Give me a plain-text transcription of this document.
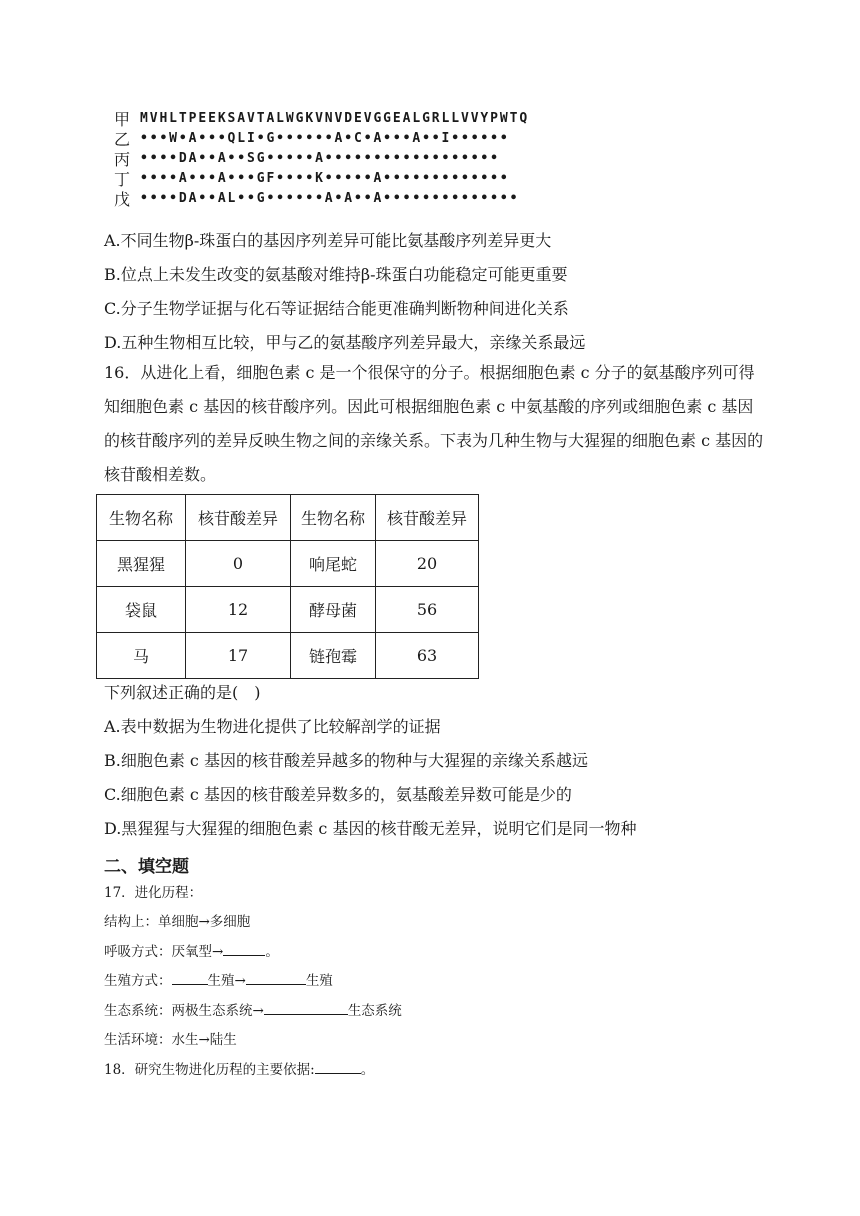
甲 MVHLTPEEKSAVTALWGKVNVDEVGGEALGRLLVVYPWTQ
乙 •••W•A•••QLI•G••••••A•C•A•••A••I••••••
丙 ••••DA••A••SG•••••A••••••••••••••••••
丁 ••••A•••A•••GF••••K•••••A•••••••••••••
戊 ••••DA••AL••G••••••A•A••A••••••••••••••
A.不同生物β-珠蛋白的基因序列差异可能比氨基酸序列差异更大
B.位点上未发生改变的氨基酸对维持β-珠蛋白功能稳定可能更重要
C.分子生物学证据与化石等证据结合能更准确判断物种间进化关系
D.五种生物相互比较，甲与乙的氨基酸序列差异最大，亲缘关系最远
16．从进化上看，细胞色素 c 是一个很保守的分子。根据细胞色素 c 分子的氨基酸序列可得知细胞色素 c 基因的核苷酸序列。因此可根据细胞色素 c 中氨基酸的序列或细胞色素 c 基因的核苷酸序列的差异反映生物之间的亲缘关系。下表为几种生物与大猩猩的细胞色素 c 基因的核苷酸相差数。
生物名称	核苷酸差异	生物名称	核苷酸差异
黑猩猩	0	响尾蛇	20
袋鼠	12	酵母菌	56
马	17	链孢霉	63
下列叙述正确的是(　)
A.表中数据为生物进化提供了比较解剖学的证据
B.细胞色素 c 基因的核苷酸差异越多的物种与大猩猩的亲缘关系越远
C.细胞色素 c 基因的核苷酸差异数多的，氨基酸差异数可能是少的
D.黑猩猩与大猩猩的细胞色素 c 基因的核苷酸无差异，说明它们是同一物种
二、填空题
17．进化历程：
结构上：单细胞→多细胞
呼吸方式：厌氧型→	。
生殖方式：	生殖→	生殖
生态系统：两极生态系统→	生态系统
生活环境：水生→陆生
18．研究生物进化历程的主要依据:	。
